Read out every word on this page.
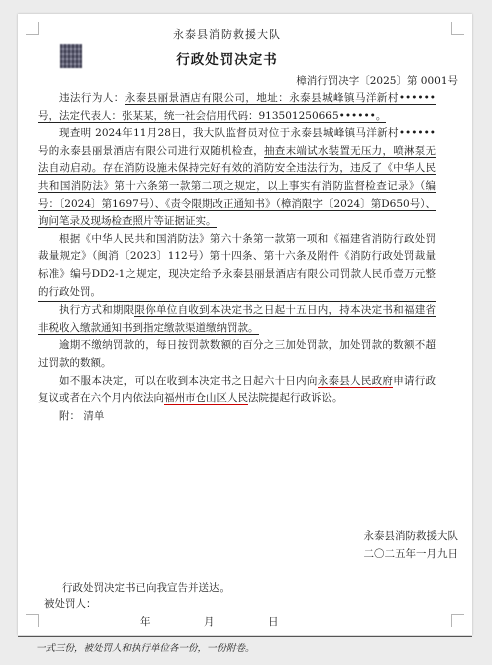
永泰县消防救援大队
行政处罚决定书
樟消行罚决字〔2025〕第 0001号

违法行为人：永泰县丽景酒店有限公司，地址：永泰县城峰镇马洋新村••••••号，法定代表人：张某某，统一社会信用代码：913501250665••••••。

现查明 2024年11月28日，我大队监督员对位于永泰县城峰镇马洋新村••••••号的永泰县丽景酒店有限公司进行双随机检查，抽查末端试水装置无压力，喷淋泵无法自动启动。存在消防设施未保持完好有效的消防安全违法行为，违反了《中华人民共和国消防法》第十六条第一款第二项之规定，以上事实有消防监督检查记录》（编号：〔2024〕第1697号）、《责令限期改正通知书》（樟消限字〔2024〕第D650号）、询问笔录及现场检查照片等证据证实。

根据《中华人民共和国消防法》第六十条第一款第一项和《福建省消防行政处罚裁量规定》（闽消〔2023〕112号）第十四条、第十六条及附件《消防行政处罚裁量标准》编号DD2-1之规定，现决定给予永泰县丽景酒店有限公司罚款人民币壹万元整的行政处罚。

执行方式和期限限你单位自收到本决定书之日起十五日内，持本决定书和福建省非税收入缴款通知书到指定缴款渠道缴纳罚款。

逾期不缴纳罚款的，每日按罚款数额的百分之三加处罚款，加处罚款的数额不超过罚款的数额。

如不服本决定，可以在收到本决定书之日起六十日内向永泰县人民政府申请行政复议或者在六个月内依法向福州市仓山区人民法院提起行政诉讼。

附： 清单

永泰县消防救援大队
二〇二五年一月九日
行政处罚决定书已向我宣告并送达。
被处罚人：
年	月	日
一式三份，被处罚人和执行单位各一份，一份附卷。
